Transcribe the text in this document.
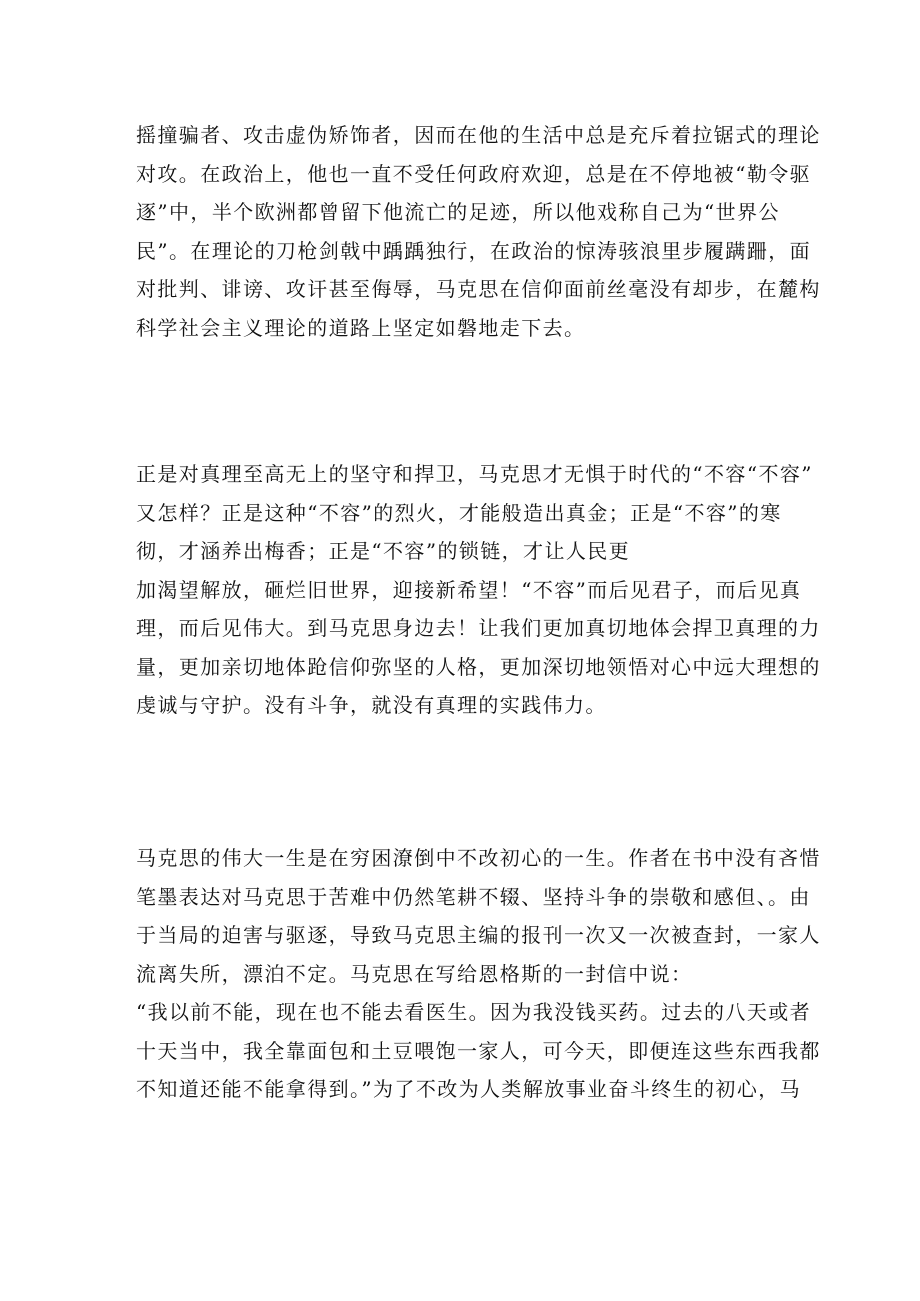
摇撞骗者、攻击虚伪矫饰者，因而在他的生活中总是充斥着拉锯式的理论
对攻。在政治上，他也一直不受任何政府欢迎，总是在不停地被“勒令驱
逐”中，半个欧洲都曾留下他流亡的足迹，所以他戏称自己为“世界公
民”。在理论的刀枪剑戟中踽踽独行，在政治的惊涛骇浪里步履蹒跚，面
对批判、诽谤、攻讦甚至侮辱，马克思在信仰面前丝毫没有却步，在麓构
科学社会主义理论的道路上坚定如磐地走下去。
正是对真理至高无上的坚守和捍卫，马克思才无惧于时代的“不容“不容”
又怎样？正是这种“不容”的烈火，才能般造出真金；正是“不容”的寒
彻，才涵养出梅香；正是“不容”的锁链，才让人民更
加渴望解放，砸烂旧世界，迎接新希望！“不容”而后见君子，而后见真
理，而后见伟大。到马克思身边去！让我们更加真切地体会捍卫真理的力
量，更加亲切地体跄信仰弥坚的人格，更加深切地领悟对心中远大理想的
虔诚与守护。没有斗争，就没有真理的实践伟力。
马克思的伟大一生是在穷困潦倒中不改初心的一生。作者在书中没有吝惜
笔墨表达对马克思于苦难中仍然笔耕不辍、坚持斗争的崇敬和感但、。由
于当局的迫害与驱逐，导致马克思主编的报刊一次又一次被查封，一家人
流离失所，漂泊不定。马克思在写给恩格斯的一封信中说：
“我以前不能，现在也不能去看医生。因为我没钱买药。过去的八天或者
十天当中，我全靠面包和土豆喂饱一家人，可今天，即便连这些东西我都
不知道还能不能拿得到。”为了不改为人类解放事业奋斗终生的初心，马
